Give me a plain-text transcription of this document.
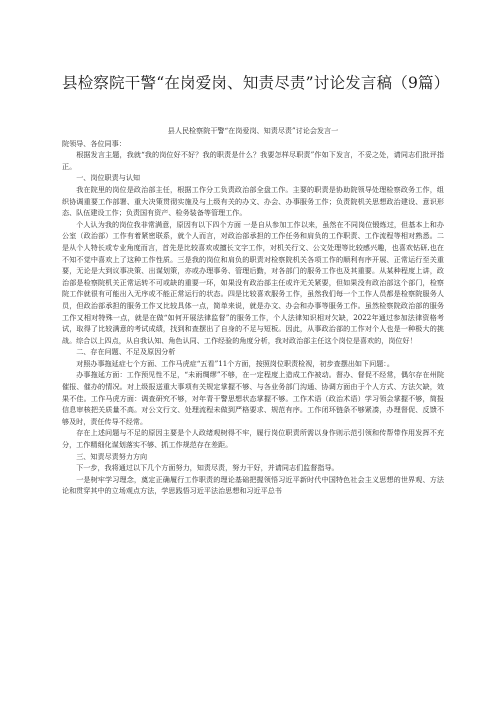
县检察院干警“在岗爱岗、知责尽责”讨论发言稿（9篇）

县人民检察院干警“在岗爱岗、知责尽责”讨论会发言一

院领导、各位同事：

根据发言主题，我就“我的岗位好不好？我的职责是什么？我要怎样尽职责”作如下发言，不妥之处，请同志们批评指正。

一、岗位职责与认知

我在院里的岗位是政治部主任，根据工作分工负责政治部全盘工作。主要的职责是协助院领导处理检察政务工作，组织协调重要工作部署、重大决策贯彻实施及与上级有关的办文、办会、办事服务工作；负责院机关思想政治建设、意识形态、队伍建设工作；负责国有资产、检务装备等管理工作。

个人认为我的岗位我非常满意，原因有以下四个方面 一是自从参加工作以来，虽然在不同岗位锻炼过，但基本上和办公室（政治部）工作有着紧密联系，就个人而言，对政治部承担的工作任务和肩负的工作职责、工作流程等相对熟悉。二是从个人特长或专业角度而言，首先是比较喜欢或擅长文字工作，对机关行文、公文处理等比较感兴趣，也喜欢钻研,也在不知不觉中喜欢上了这种工作性质。三是我的岗位和肩负的职责对检察院机关各项工作的顺利有序开展、正常运行至关重要，无论是大到议事决策、出谋划策，亦或办理事务、管理后勤，对各部门的服务工作也及其重要。从某种程度上讲，政治部是检察院机关正常运转不可或缺的重要一环，如果没有政治部主任或许无关紧要，但如果没有政治部这个部门，检察院工作就很有可能出入无序或不能正常运行的状态。四是比较喜欢服务工作，虽然我们每一个工作人员都是检察院服务人员，但政治部承担的服务工作又比较具体一点，简单来说，就是办文、办会和办事等服务工作。虽然检察院政治部的服务工作又相对特殊一点，就是在做“如何开展法律监督”的服务工作，个人法律知识相对欠缺，2022年通过参加法律资格考试，取得了比较满意的考试成绩，找到和查摆出了自身的不足与短板。因此，从事政治部的工作对个人也是一种极大的挑战。综合以上四点，从自我认知、角色认同、工作经验的角度分析，我对政治部主任这个岗位是喜欢的，岗位好！

二、存在问题、不足及原因分析

对照办事拖延症七个方面、工作马虎症“五看”11个方面，按照岗位职责检视，初步查摆出如下问题：。

办事拖延方面：工作预见性不足，“未雨绸缪”不够，在一定程度上造成工作被动。督办、督促不经常，偶尔存在州院催报、催办的情况。对上级报送重大事项有关规定掌握不够、与各业务部门沟通、协调方面由于个人方式、方法欠缺，效果不佳。工作马虎方面：调查研究不够，对年青干警思想状态掌握不够。工作术语（政治术语）学习领会掌握不够，简报信息审核把关质量不高。对公文行文、处理流程未做到严格要求、规范有序。工作闭环链条不够紧凑，办理督促、反馈不够及时，责任传导不经常。

存在上述问题与不足的原因主要是个人政绪观树得不牢，履行岗位职责所需以身作则示范引领和传帮带作用发挥不充分，工作精细化谋划落实不够、抓工作规范存在差距。

三、知责尽责努力方向

下一步，我将通过以下几个方面努力，知责尽责，努力干好，并请同志们监督指导。

一是树牢学习理念，奠定正确履行工作职责的理论基础把握领悟习近平新时代中国特色社会主义思想的世界观、方法论和贯穿其中的立场观点方法，学思践悟习近平法治思想和习近平总书
